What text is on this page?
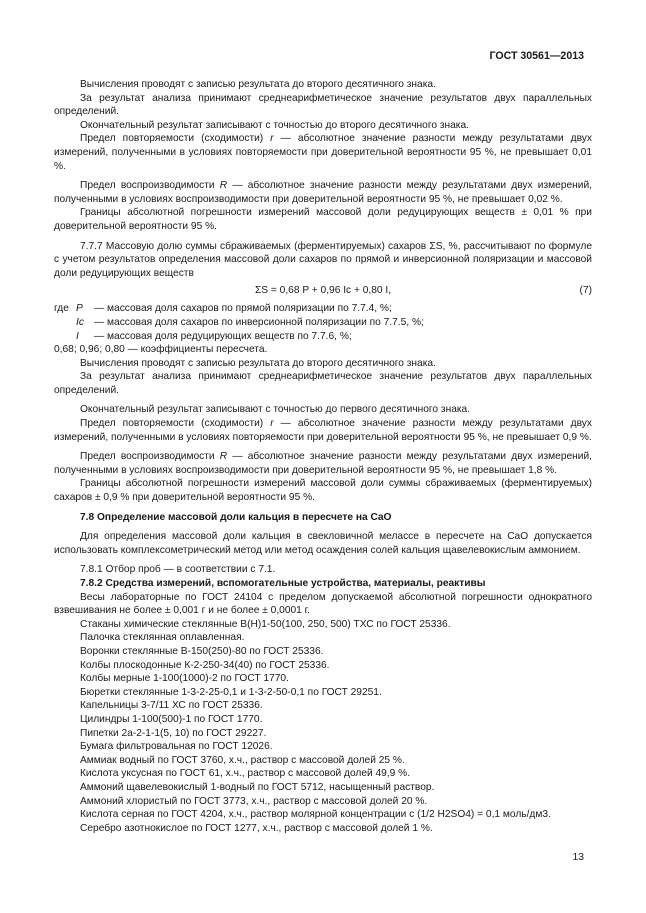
ГОСТ 30561—2013

Вычисления проводят с записью результата до второго десятичного знака.

За результат анализа принимают среднеарифметическое значение результатов двух параллельных определений.

Окончательный результат записывают с точностью до второго десятичного знака.

Предел повторяемости (сходимости) r — абсолютное значение разности между результатами двух измерений, полученными в условиях повторяемости при доверительной вероятности 95 %, не превышает 0,01 %.

Предел воспроизводимости R — абсолютное значение разности между результатами двух измерений, полученными в условиях воспроизводимости при доверительной вероятности 95 %, не превышает 0,02 %.

Границы абсолютной погрешности измерений массовой доли редуцирующих веществ ± 0,01 % при доверительной вероятности 95 %.

7.7.7 Массовую долю суммы сбраживаемых (ферментируемых) сахаров ΣS, %, рассчитывают по формуле с учетом результатов определения массовой доли сахаров по прямой и инверсионной поляризации и массовой доли редуцирующих веществ

ΣS = 0,68 P + 0,96 Ic + 0,80 I,	(7)
где P	— массовая доля сахаров по прямой поляризации по 7.7.4, %;
Ic — массовая доля сахаров по инверсионной поляризации по 7.7.5, %;
I	— массовая доля редуцирующих веществ по 7.7.6, %;

0,68; 0,96; 0,80 — коэффициенты пересчета.

Вычисления проводят с записью результата до второго десятичного знака.

За результат анализа принимают среднеарифметическое значение результатов двух параллельных определений.

Окончательный результат записывают с точностью до первого десятичного знака.

Предел повторяемости (сходимости) r — абсолютное значение разности между результатами двух измерений, полученными в условиях повторяемости при доверительной вероятности 95 %, не превышает 0,9 %.

Предел воспроизводимости R — абсолютное значение разности между результатами двух измерений, полученными в условиях воспроизводимости при доверительной вероятности 95 %, не превышает 1,8 %.

Границы абсолютной погрешности измерений массовой доли суммы сбраживаемых (ферментируемых) сахаров ± 0,9 % при доверительной вероятности 95 %.

7.8 Определение массовой доли кальция в пересчете на CaO

Для определения массовой доли кальция в свекловичной мелассе в пересчете на CaO допускается использовать комплексометрический метод или метод осаждения солей кальция щавелевокислым аммонием.

7.8.1 Отбор проб — в соответствии с 7.1.

7.8.2 Средства измерений, вспомогательные устройства, материалы, реактивы

Весы лабораторные по ГОСТ 24104 с пределом допускаемой абсолютной погрешности однократного взвешивания не более ± 0,001 г и не более ± 0,0001 г.

Стаканы химические стеклянные В(Н)1-50(100, 250, 500) ТХС по ГОСТ 25336.

Палочка стеклянная оплавленная.

Воронки стеклянные В-150(250)-80 по ГОСТ 25336.

Колбы плоскодонные К-2-250-34(40) по ГОСТ 25336.

Колбы мерные 1-100(1000)-2 по ГОСТ 1770.

Бюретки стеклянные 1-3-2-25-0,1 и 1-3-2-50-0,1 по ГОСТ 29251.

Капельницы 3-7/11 ХС по ГОСТ 25336.

Цилиндры 1-100(500)-1 по ГОСТ 1770.

Пипетки 2а-2-1-1(5, 10) по ГОСТ 29227.

Бумага фильтровальная по ГОСТ 12026.

Аммиак водный по ГОСТ 3760, х.ч., раствор с массовой долей 25 %.

Кислота уксусная по ГОСТ 61, х.ч., раствор с массовой долей 49,9 %.

Аммоний щавелевокислый 1-водный по ГОСТ 5712, насыщенный раствор.

Аммоний хлористый по ГОСТ 3773, х.ч., раствор с массовой долей 20 %.

Кислота серная по ГОСТ 4204, х.ч., раствор молярной концентрации с (1/2 H2SO4) = 0,1 моль/дм3.

Серебро азотнокислое по ГОСТ 1277, х.ч., раствор с массовой долей 1 %.

13
